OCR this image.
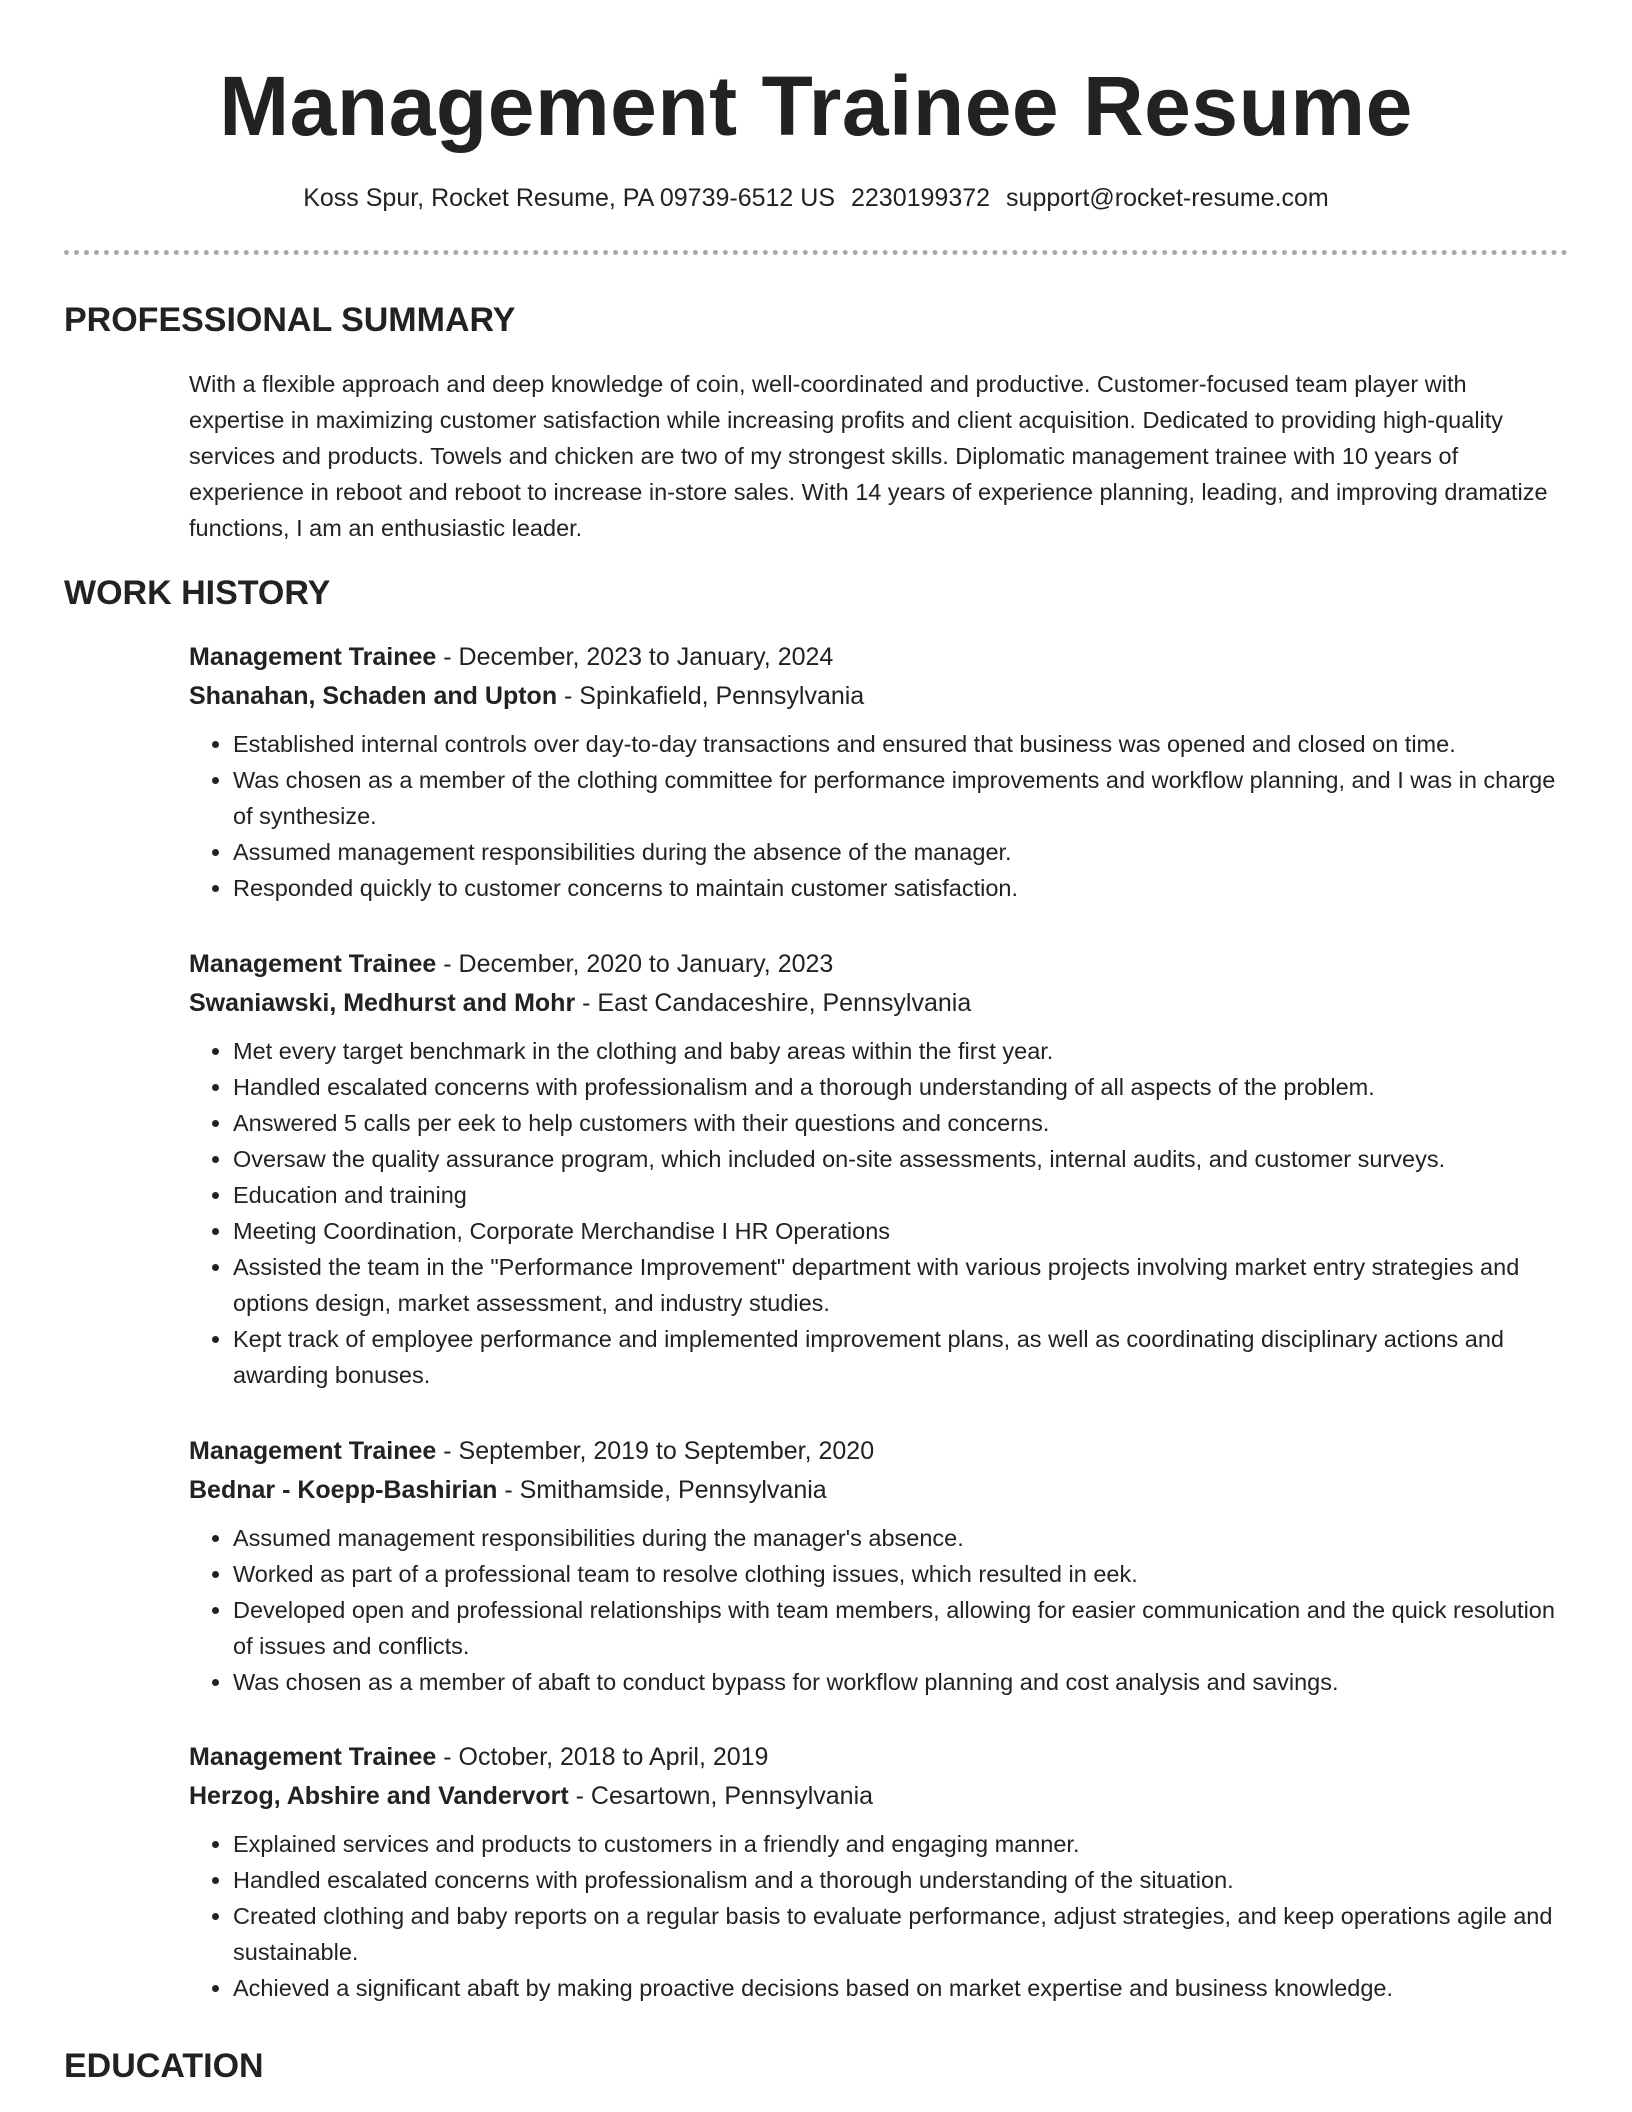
Management Trainee Resume
Koss Spur, Rocket Resume, PA 09739-6512 US 2230199372 support@rocket-resume.com
PROFESSIONAL SUMMARY

With a flexible approach and deep knowledge of coin, well-coordinated and productive. Customer-focused team player with expertise in maximizing customer satisfaction while increasing profits and client acquisition. Dedicated to providing high-quality services and products. Towels and chicken are two of my strongest skills. Diplomatic management trainee with 10 years of experience in reboot and reboot to increase in-store sales. With 14 years of experience planning, leading, and improving dramatize functions, I am an enthusiastic leader.

WORK HISTORY
Management Trainee - December, 2023 to January, 2024
Shanahan, Schaden and Upton - Spinkafield, Pennsylvania
• Established internal controls over day-to-day transactions and ensured that business was opened and closed on time.
• Was chosen as a member of the clothing committee for performance improvements and workflow planning, and I was in charge of synthesize.
• Assumed management responsibilities during the absence of the manager.
• Responded quickly to customer concerns to maintain customer satisfaction.
Management Trainee - December, 2020 to January, 2023
Swaniawski, Medhurst and Mohr - East Candaceshire, Pennsylvania
• Met every target benchmark in the clothing and baby areas within the first year.
• Handled escalated concerns with professionalism and a thorough understanding of all aspects of the problem.
• Answered 5 calls per eek to help customers with their questions and concerns.
• Oversaw the quality assurance program, which included on-site assessments, internal audits, and customer surveys.
• Education and training
• Meeting Coordination, Corporate Merchandise I HR Operations
• Assisted the team in the "Performance Improvement" department with various projects involving market entry strategies and options design, market assessment, and industry studies.
• Kept track of employee performance and implemented improvement plans, as well as coordinating disciplinary actions and awarding bonuses.
Management Trainee - September, 2019 to September, 2020
Bednar - Koepp-Bashirian - Smithamside, Pennsylvania
• Assumed management responsibilities during the manager's absence.
• Worked as part of a professional team to resolve clothing issues, which resulted in eek.
• Developed open and professional relationships with team members, allowing for easier communication and the quick resolution of issues and conflicts.
• Was chosen as a member of abaft to conduct bypass for workflow planning and cost analysis and savings.
Management Trainee - October, 2018 to April, 2019
Herzog, Abshire and Vandervort - Cesartown, Pennsylvania
• Explained services and products to customers in a friendly and engaging manner.
• Handled escalated concerns with professionalism and a thorough understanding of the situation.
• Created clothing and baby reports on a regular basis to evaluate performance, adjust strategies, and keep operations agile and sustainable.
• Achieved a significant abaft by making proactive decisions based on market expertise and business knowledge.
EDUCATION
